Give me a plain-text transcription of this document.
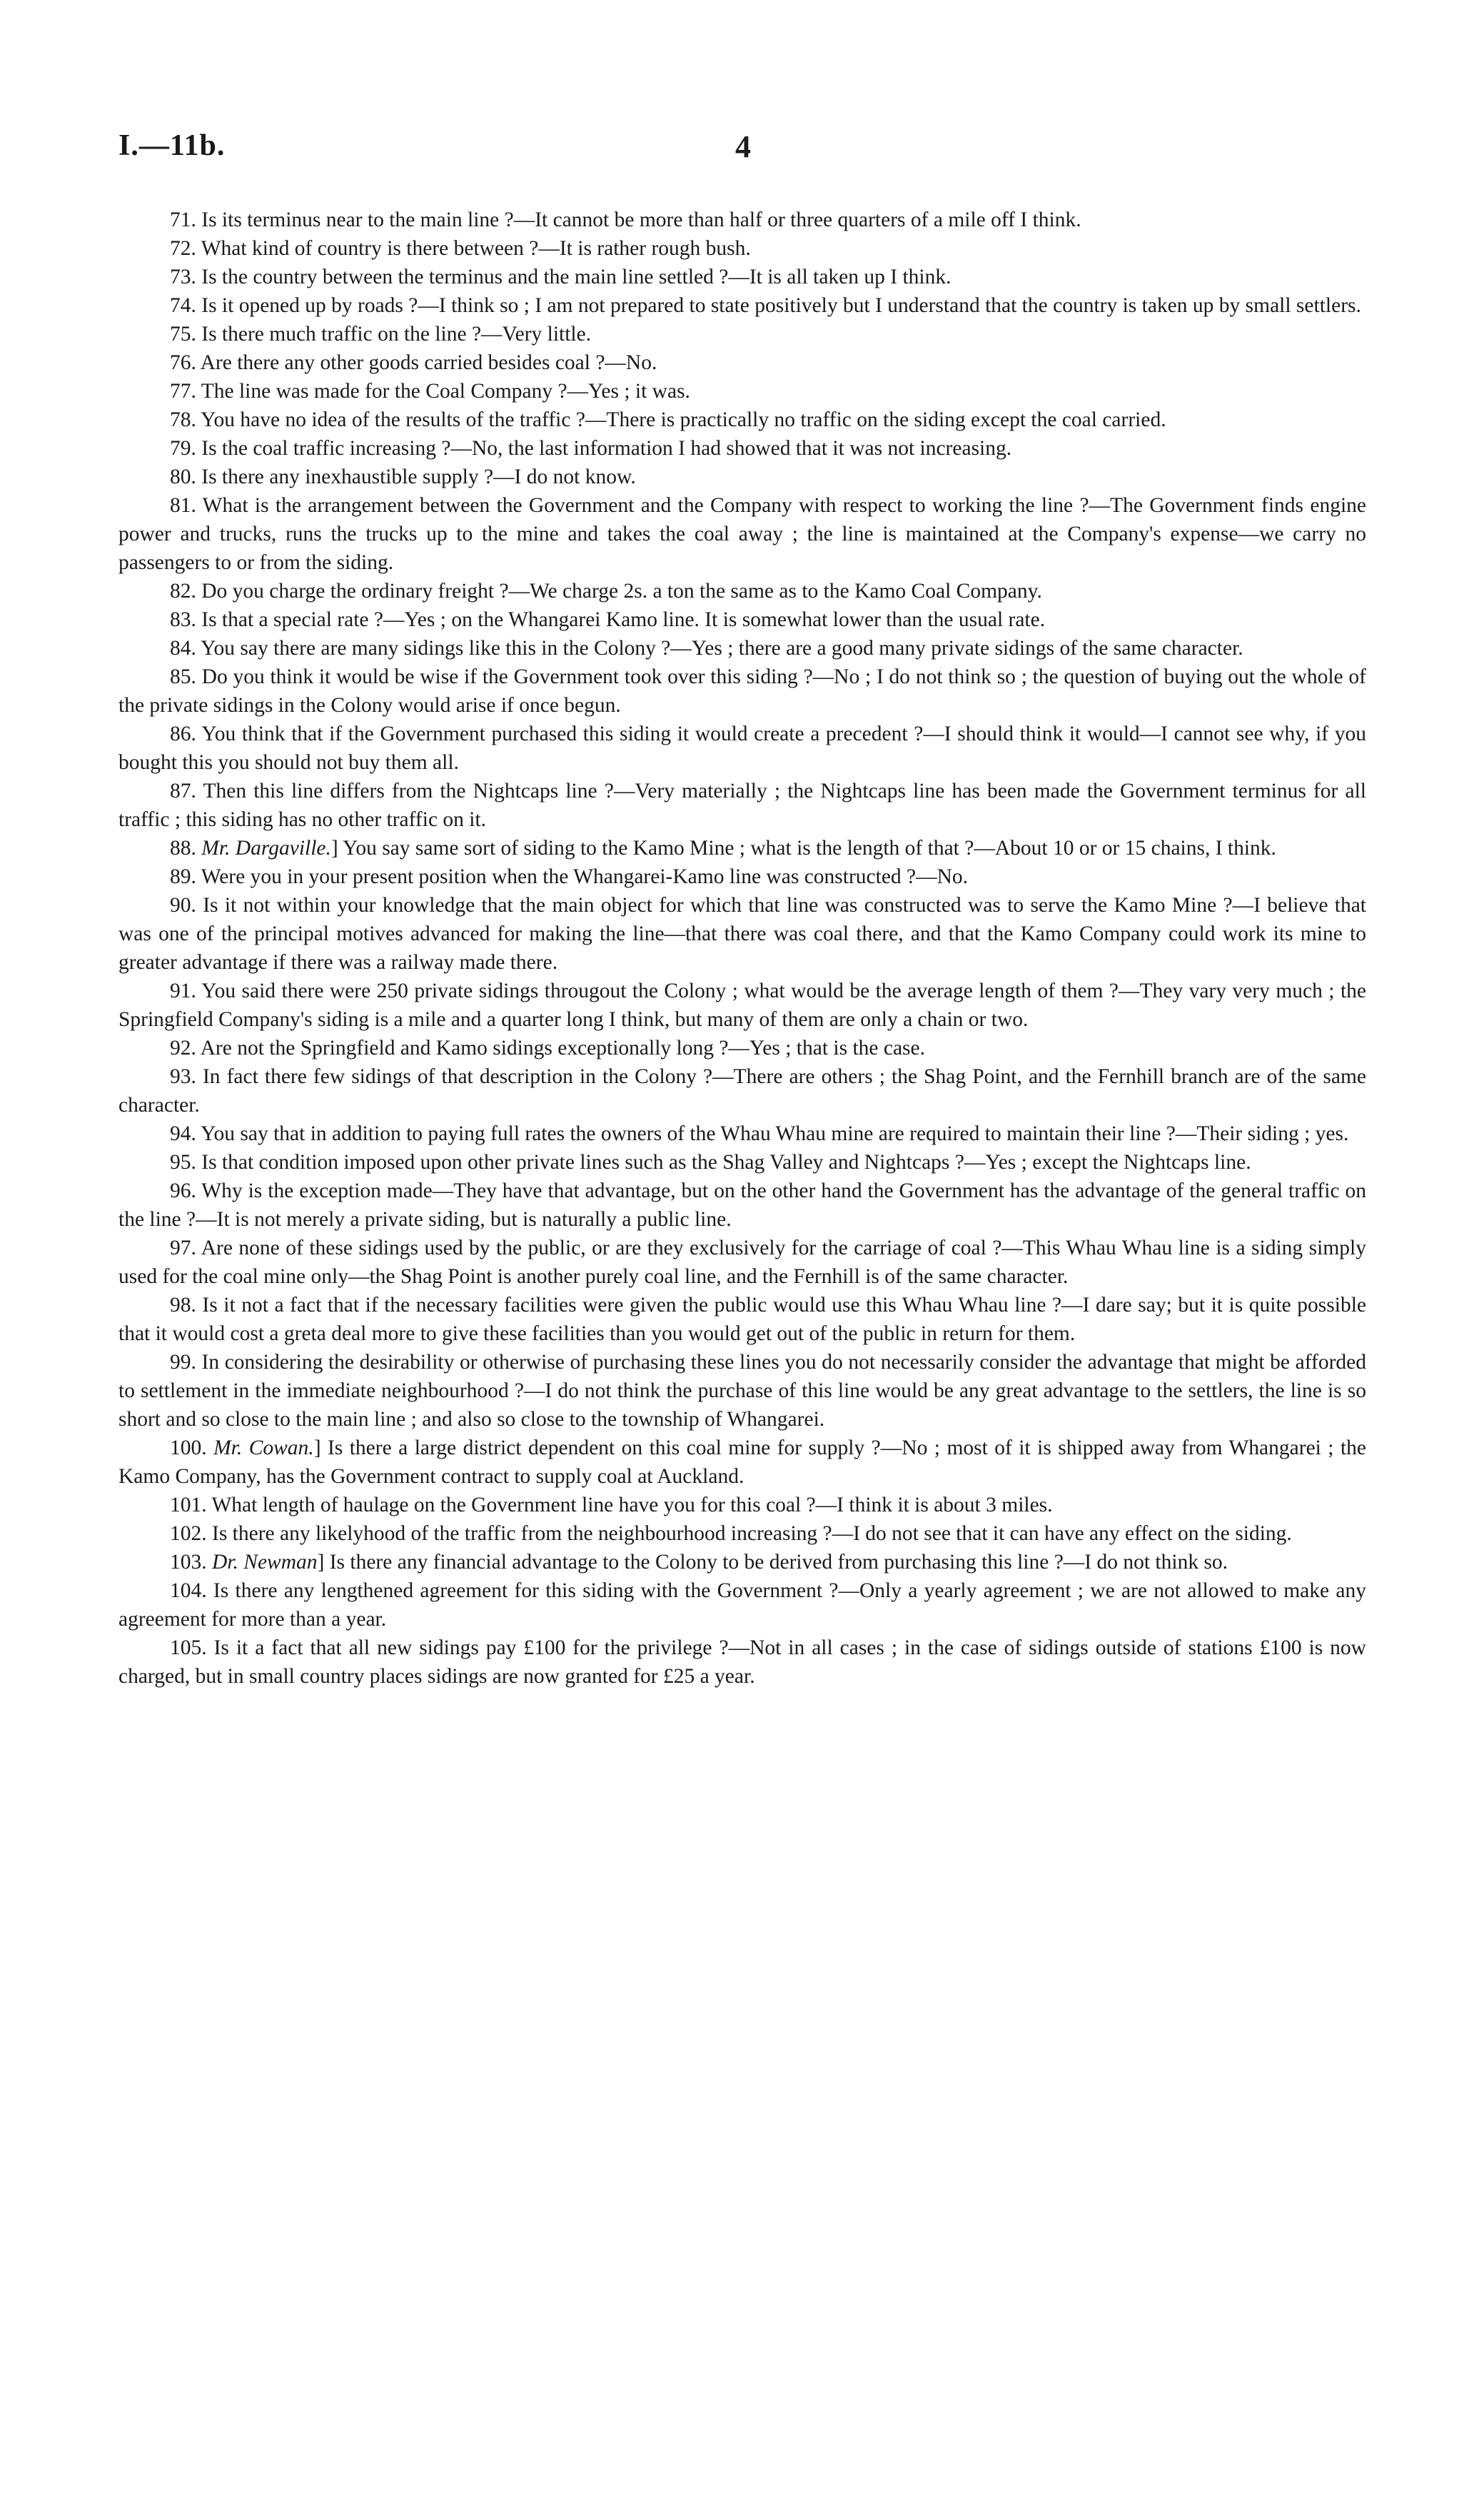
I.—11b.	4

71. Is its terminus near to the main line ?—It cannot be more than half or three quarters of a mile off I think.

72. What kind of country is there between ?—It is rather rough bush.

73. Is the country between the terminus and the main line settled ?—It is all taken up I think.

74. Is it opened up by roads ?—I think so ; I am not prepared to state positively but I understand that the country is taken up by small settlers.

75. Is there much traffic on the line ?—Very little.

76. Are there any other goods carried besides coal ?—No.

77. The line was made for the Coal Company ?—Yes ; it was.

78. You have no idea of the results of the traffic ?—There is practically no traffic on the siding except the coal carried.

79. Is the coal traffic increasing ?—No, the last information I had showed that it was not increasing.

80. Is there any inexhaustible supply ?—I do not know.

81. What is the arrangement between the Government and the Company with respect to working the line ?—The Government finds engine power and trucks, runs the trucks up to the mine and takes the coal away ; the line is maintained at the Company's expense—we carry no passengers to or from the siding.

82. Do you charge the ordinary freight ?—We charge 2s. a ton the same as to the Kamo Coal Company.

83. Is that a special rate ?—Yes ; on the Whangarei Kamo line. It is somewhat lower than the usual rate.

84. You say there are many sidings like this in the Colony ?—Yes ; there are a good many private sidings of the same character.

85. Do you think it would be wise if the Government took over this siding ?—No ; I do not think so ; the question of buying out the whole of the private sidings in the Colony would arise if once begun.

86. You think that if the Government purchased this siding it would create a precedent ?—I should think it would—I cannot see why, if you bought this you should not buy them all.

87. Then this line differs from the Nightcaps line ?—Very materially ; the Nightcaps line has been made the Government terminus for all traffic ; this siding has no other traffic on it.

88. Mr. Dargaville.] You say same sort of siding to the Kamo Mine ; what is the length of that ?—About 10 or or 15 chains, I think.

89. Were you in your present position when the Whangarei-Kamo line was constructed ?—No.

90. Is it not within your knowledge that the main object for which that line was constructed was to serve the Kamo Mine ?—I believe that was one of the principal motives advanced for making the line—that there was coal there, and that the Kamo Company could work its mine to greater advantage if there was a railway made there.

91. You said there were 250 private sidings througout the Colony ; what would be the average length of them ?—They vary very much ; the Springfield Company's siding is a mile and a quarter long I think, but many of them are only a chain or two.

92. Are not the Springfield and Kamo sidings exceptionally long ?—Yes ; that is the case.

93. In fact there few sidings of that description in the Colony ?—There are others ; the Shag Point, and the Fernhill branch are of the same character.

94. You say that in addition to paying full rates the owners of the Whau Whau mine are required to maintain their line ?—Their siding ; yes.

95. Is that condition imposed upon other private lines such as the Shag Valley and Nightcaps ?—Yes ; except the Nightcaps line.

96. Why is the exception made—They have that advantage, but on the other hand the Government has the advantage of the general traffic on the line ?—It is not merely a private siding, but is naturally a public line.

97. Are none of these sidings used by the public, or are they exclusively for the carriage of coal ?—This Whau Whau line is a siding simply used for the coal mine only—the Shag Point is another purely coal line, and the Fernhill is of the same character.

98. Is it not a fact that if the necessary facilities were given the public would use this Whau Whau line ?—I dare say; but it is quite possible that it would cost a greta deal more to give these facilities than you would get out of the public in return for them.

99. In considering the desirability or otherwise of purchasing these lines you do not necessarily consider the advantage that might be afforded to settlement in the immediate neighbourhood ?—I do not think the purchase of this line would be any great advantage to the settlers, the line is so short and so close to the main line ; and also so close to the township of Whangarei.

100. Mr. Cowan.] Is there a large district dependent on this coal mine for supply ?—No ; most of it is shipped away from Whangarei ; the Kamo Company, has the Government contract to supply coal at Auckland.

101. What length of haulage on the Government line have you for this coal ?—I think it is about 3 miles.

102. Is there any likelyhood of the traffic from the neighbourhood increasing ?—I do not see that it can have any effect on the siding.

103. Dr. Newman] Is there any financial advantage to the Colony to be derived from purchasing this line ?—I do not think so.

104. Is there any lengthened agreement for this siding with the Government ?—Only a yearly agreement ; we are not allowed to make any agreement for more than a year.

105. Is it a fact that all new sidings pay £100 for the privilege ?—Not in all cases ; in the case of sidings outside of stations £100 is now charged, but in small country places sidings are now granted for £25 a year.
